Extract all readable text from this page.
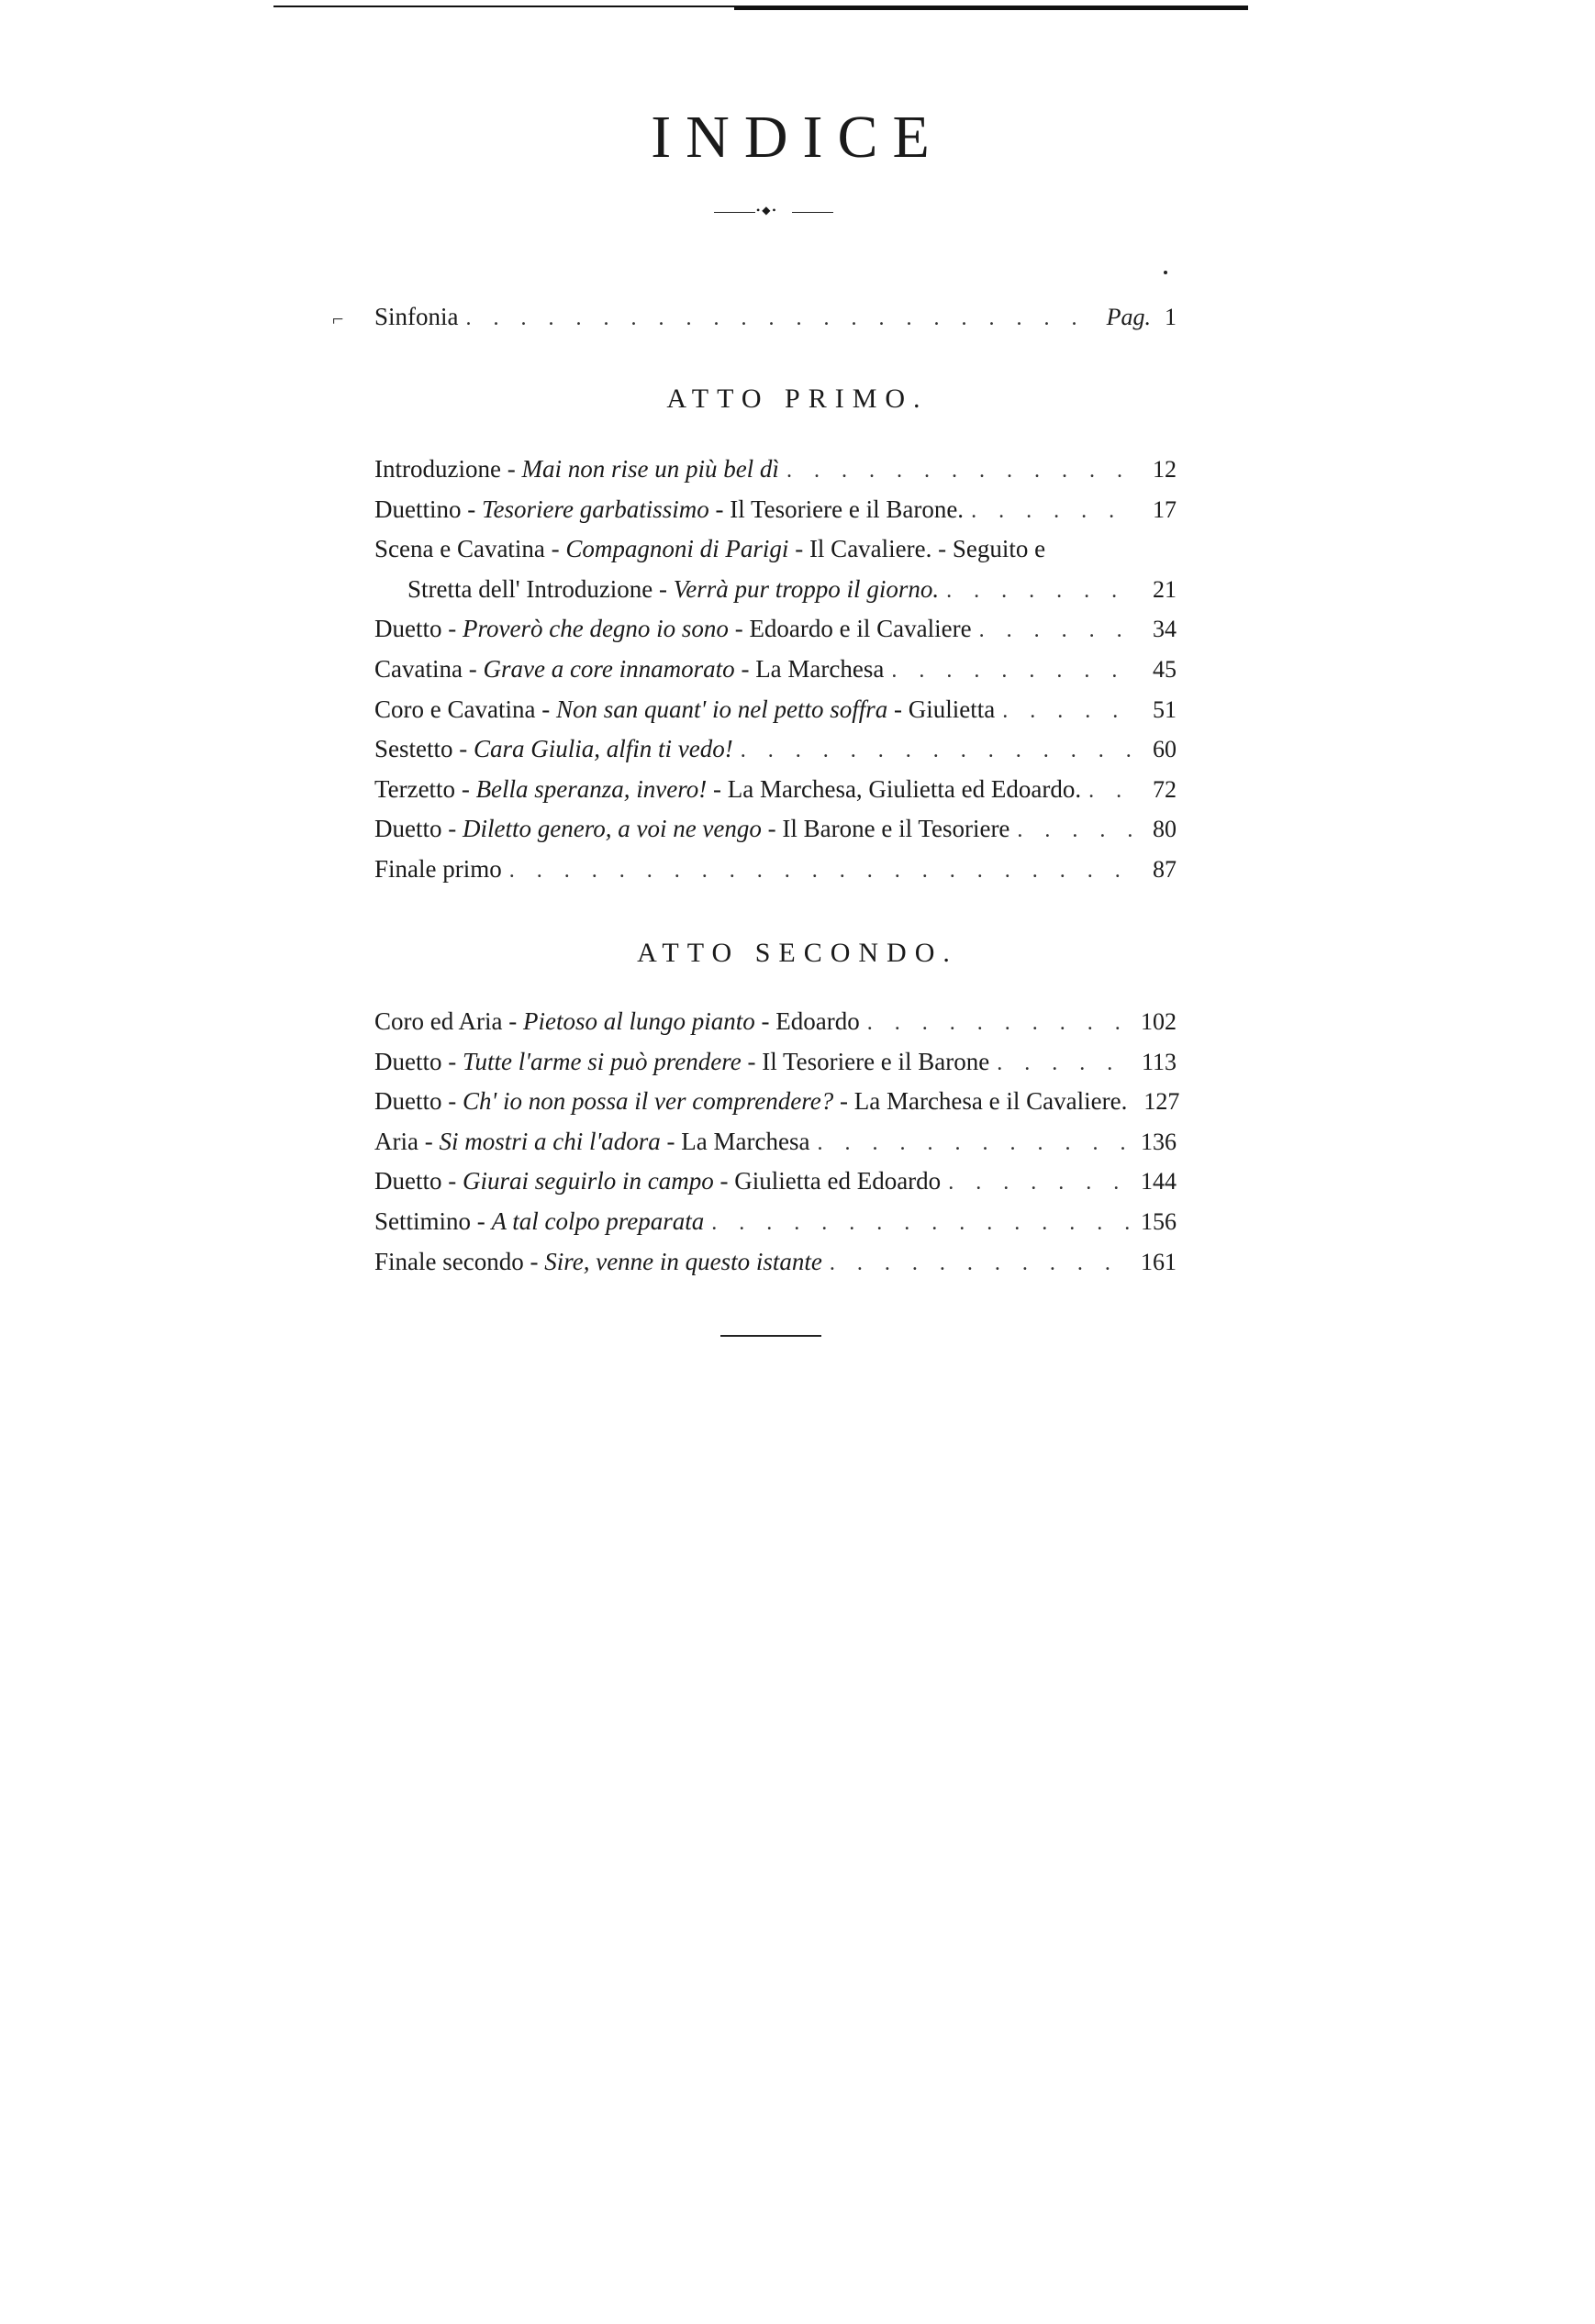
INDICE
•◆•
⌐ Sinfonia . . .	Pag. 1
ATTO PRIMO.
Introduzione - Mai non rise un più bel dì . . .	12
Duettino - Tesoriere garbatissimo - Il Tesoriere e il Barone. . . .	17
Scena e Cavatina - Compagnoni di Parigi - Il Cavaliere. - Seguito e
Stretta dell' Introduzione - Verrà pur troppo il giorno. . . .	21
Duetto - Proverò che degno io sono - Edoardo e il Cavaliere . . .	34
Cavatina - Grave a core innamorato - La Marchesa . . .	45
Coro e Cavatina - Non san quant' io nel petto soffra - Giulietta . . .	51
Sestetto - Cara Giulia, alfin ti vedo! . . .	60
Terzetto - Bella speranza, invero! - La Marchesa, Giulietta ed Edoardo. . . .	72
Duetto - Diletto genero, a voi ne vengo - Il Barone e il Tesoriere . . .	80
Finale primo . . .	87
ATTO SECONDO.
Coro ed Aria - Pietoso al lungo pianto - Edoardo . . .	102
Duetto - Tutte l'arme si può prendere - Il Tesoriere e il Barone . . .	113
Duetto - Ch' io non possa il ver comprendere? - La Marchesa e il Cavaliere. 127
Aria - Si mostri a chi l'adora - La Marchesa . . .	136
Duetto - Giurai seguirlo in campo - Giulietta ed Edoardo . . .	144
Settimino - A tal colpo preparata . . .	156
Finale secondo - Sire, venne in questo istante . . .	161
